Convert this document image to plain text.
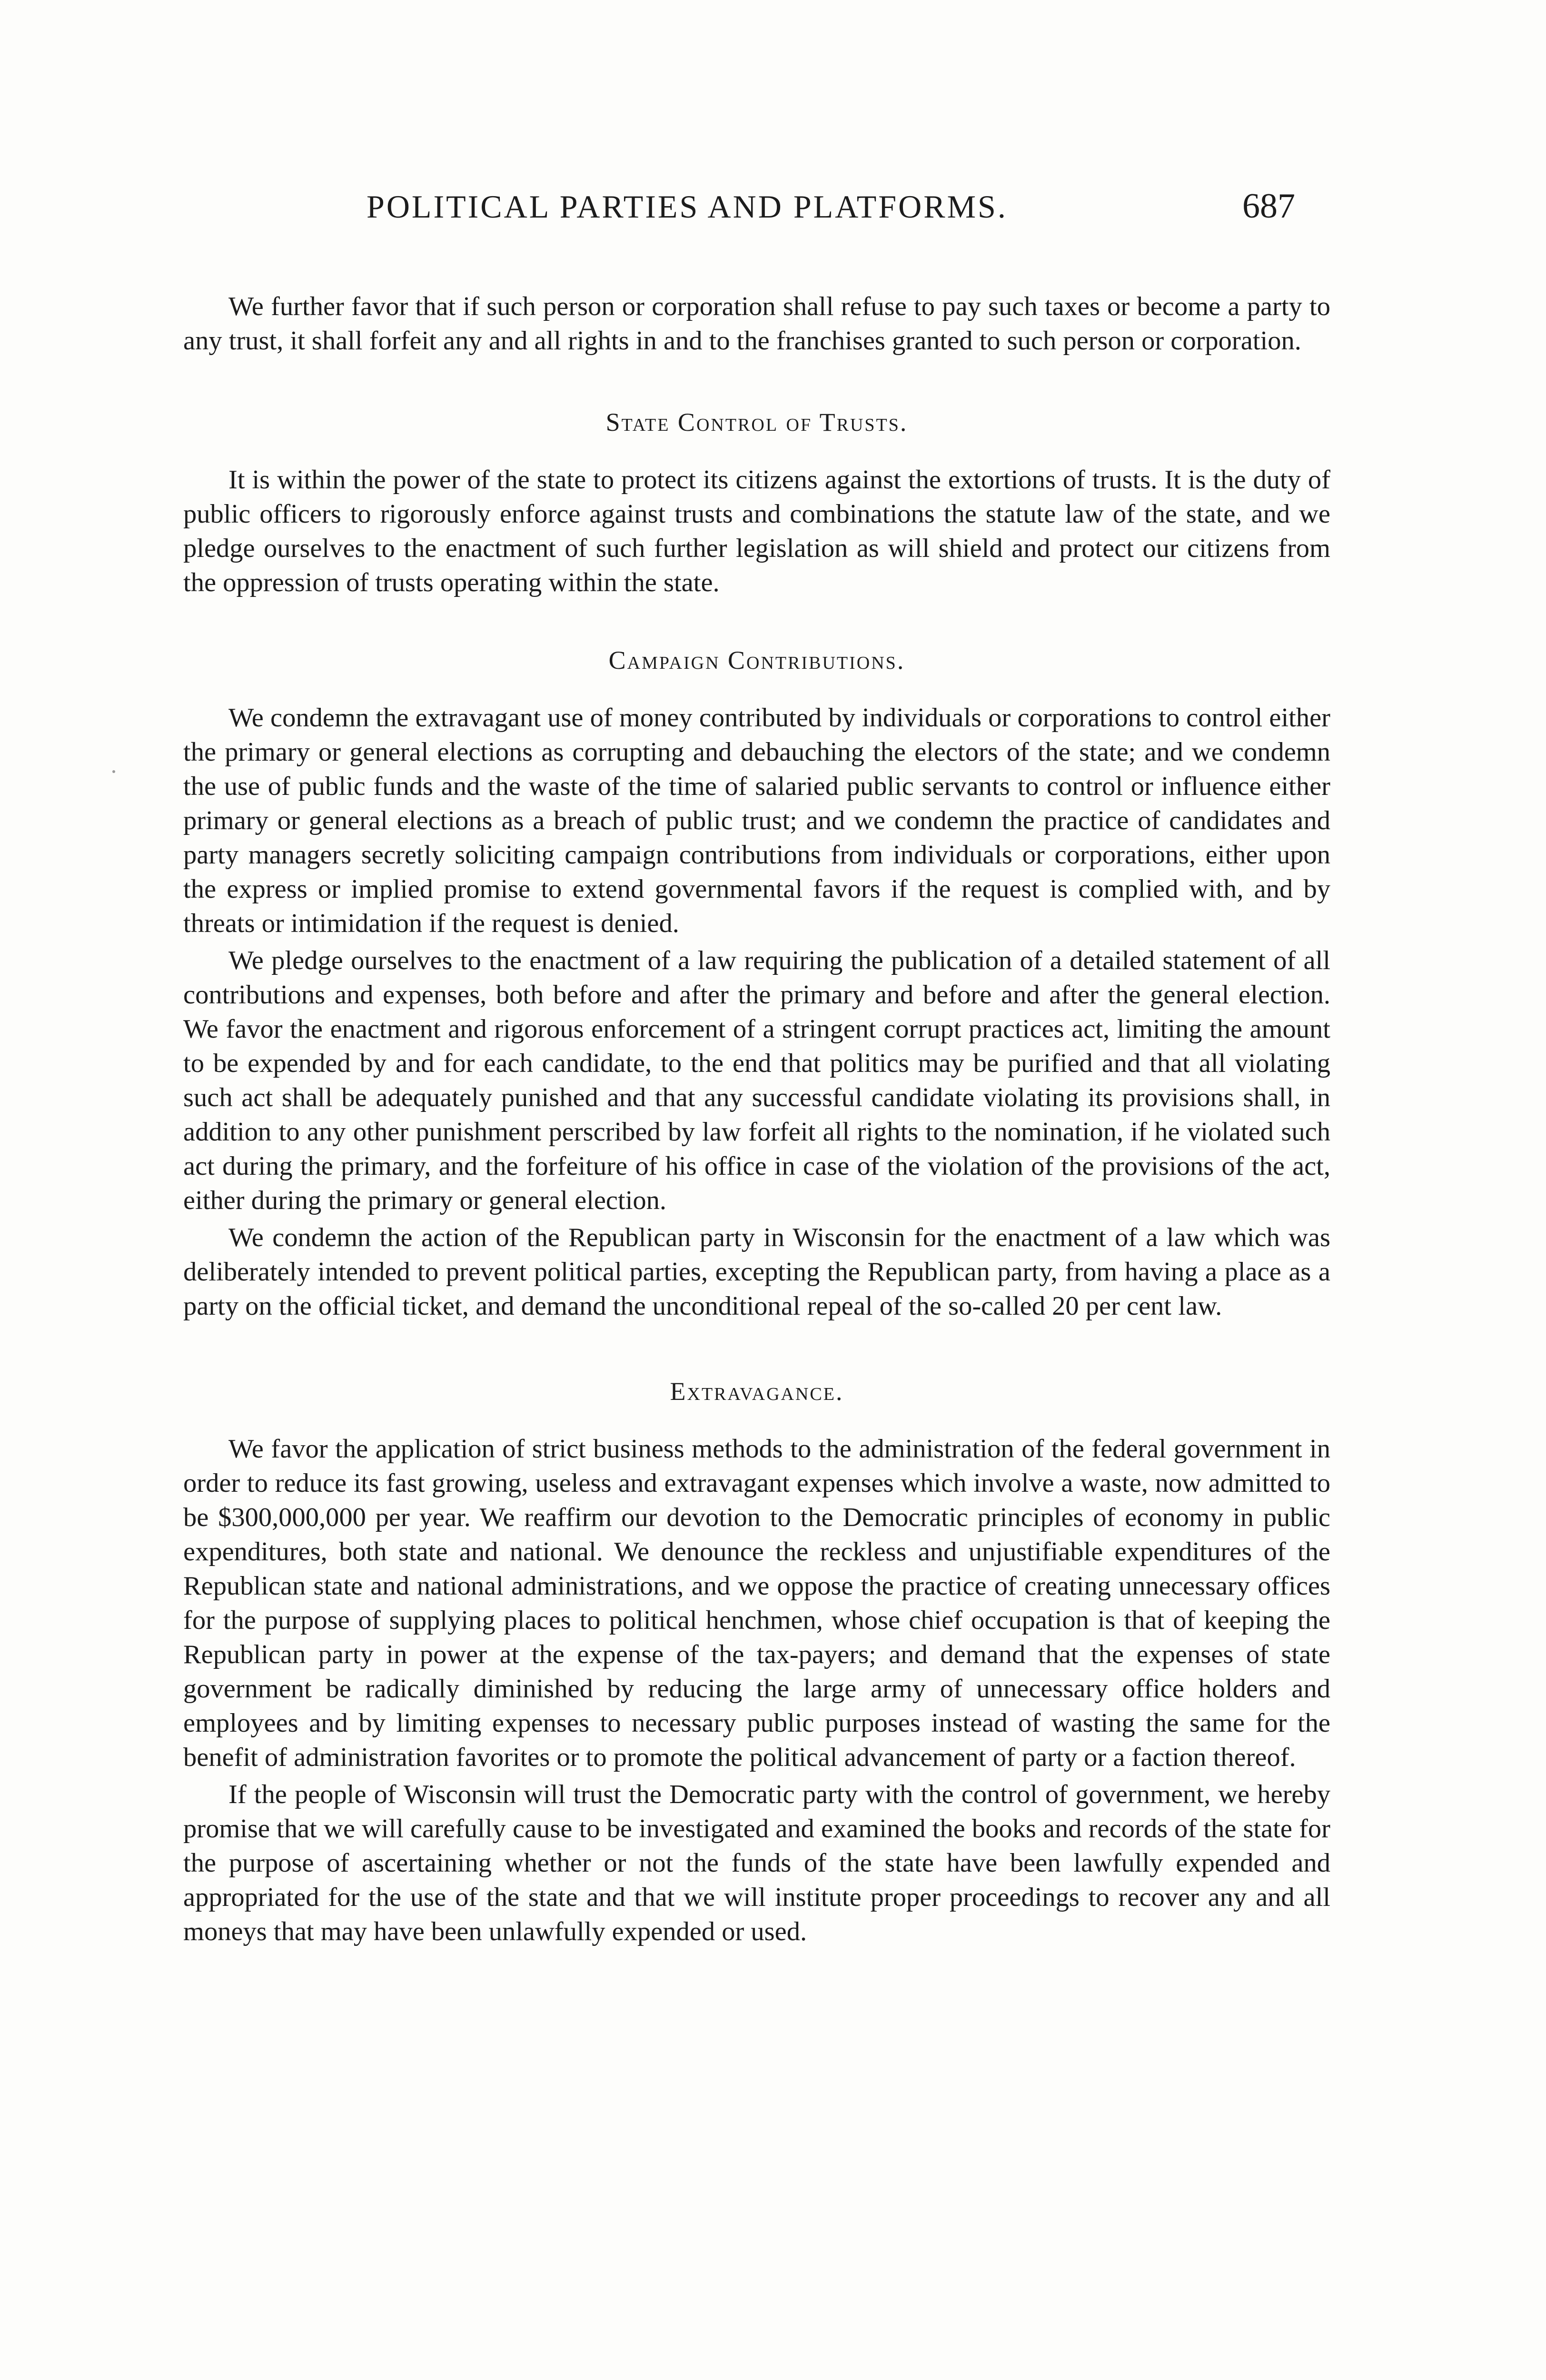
POLITICAL PARTIES AND PLATFORMS.	687

We further favor that if such person or corporation shall refuse to pay such taxes or become a party to any trust, it shall forfeit any and all rights in and to the franchises granted to such person or corporation.

State Control of Trusts.

It is within the power of the state to protect its citizens against the extortions of trusts. It is the duty of public officers to rigorously enforce against trusts and combinations the statute law of the state, and we pledge ourselves to the enactment of such further legislation as will shield and protect our citizens from the oppression of trusts operating within the state.

Campaign Contributions.

We condemn the extravagant use of money contributed by individuals or corporations to control either the primary or general elections as corrupting and debauching the electors of the state; and we condemn the use of public funds and the waste of the time of salaried public servants to control or influence either primary or general elections as a breach of public trust; and we condemn the practice of candidates and party managers secretly soliciting campaign contributions from individuals or corporations, either upon the express or implied promise to extend governmental favors if the request is complied with, and by threats or intimidation if the request is denied.

We pledge ourselves to the enactment of a law requiring the publication of a detailed statement of all contributions and expenses, both before and after the primary and before and after the general election. We favor the enactment and rigorous enforcement of a stringent corrupt practices act, limiting the amount to be expended by and for each candidate, to the end that politics may be purified and that all violating such act shall be adequately punished and that any successful candidate violating its provisions shall, in addition to any other punishment perscribed by law forfeit all rights to the nomination, if he violated such act during the primary, and the forfeiture of his office in case of the violation of the provisions of the act, either during the primary or general election.

We condemn the action of the Republican party in Wisconsin for the enactment of a law which was deliberately intended to prevent political parties, excepting the Republican party, from having a place as a party on the official ticket, and demand the unconditional repeal of the so-called 20 per cent law.

Extravagance.

We favor the application of strict business methods to the administration of the federal government in order to reduce its fast growing, useless and extravagant expenses which involve a waste, now admitted to be $300,000,000 per year. We reaffirm our devotion to the Democratic principles of economy in public expenditures, both state and national. We denounce the reckless and unjustifiable expenditures of the Republican state and national administrations, and we oppose the practice of creating unnecessary offices for the purpose of supplying places to political henchmen, whose chief occupation is that of keeping the Republican party in power at the expense of the tax-payers; and demand that the expenses of state government be radically diminished by reducing the large army of unnecessary office holders and employees and by limiting expenses to necessary public purposes instead of wasting the same for the benefit of administration favorites or to promote the political advancement of party or a faction thereof.

If the people of Wisconsin will trust the Democratic party with the control of government, we hereby promise that we will carefully cause to be investigated and examined the books and records of the state for the purpose of ascertaining whether or not the funds of the state have been lawfully expended and appropriated for the use of the state and that we will institute proper proceedings to recover any and all moneys that may have been unlawfully expended or used.
